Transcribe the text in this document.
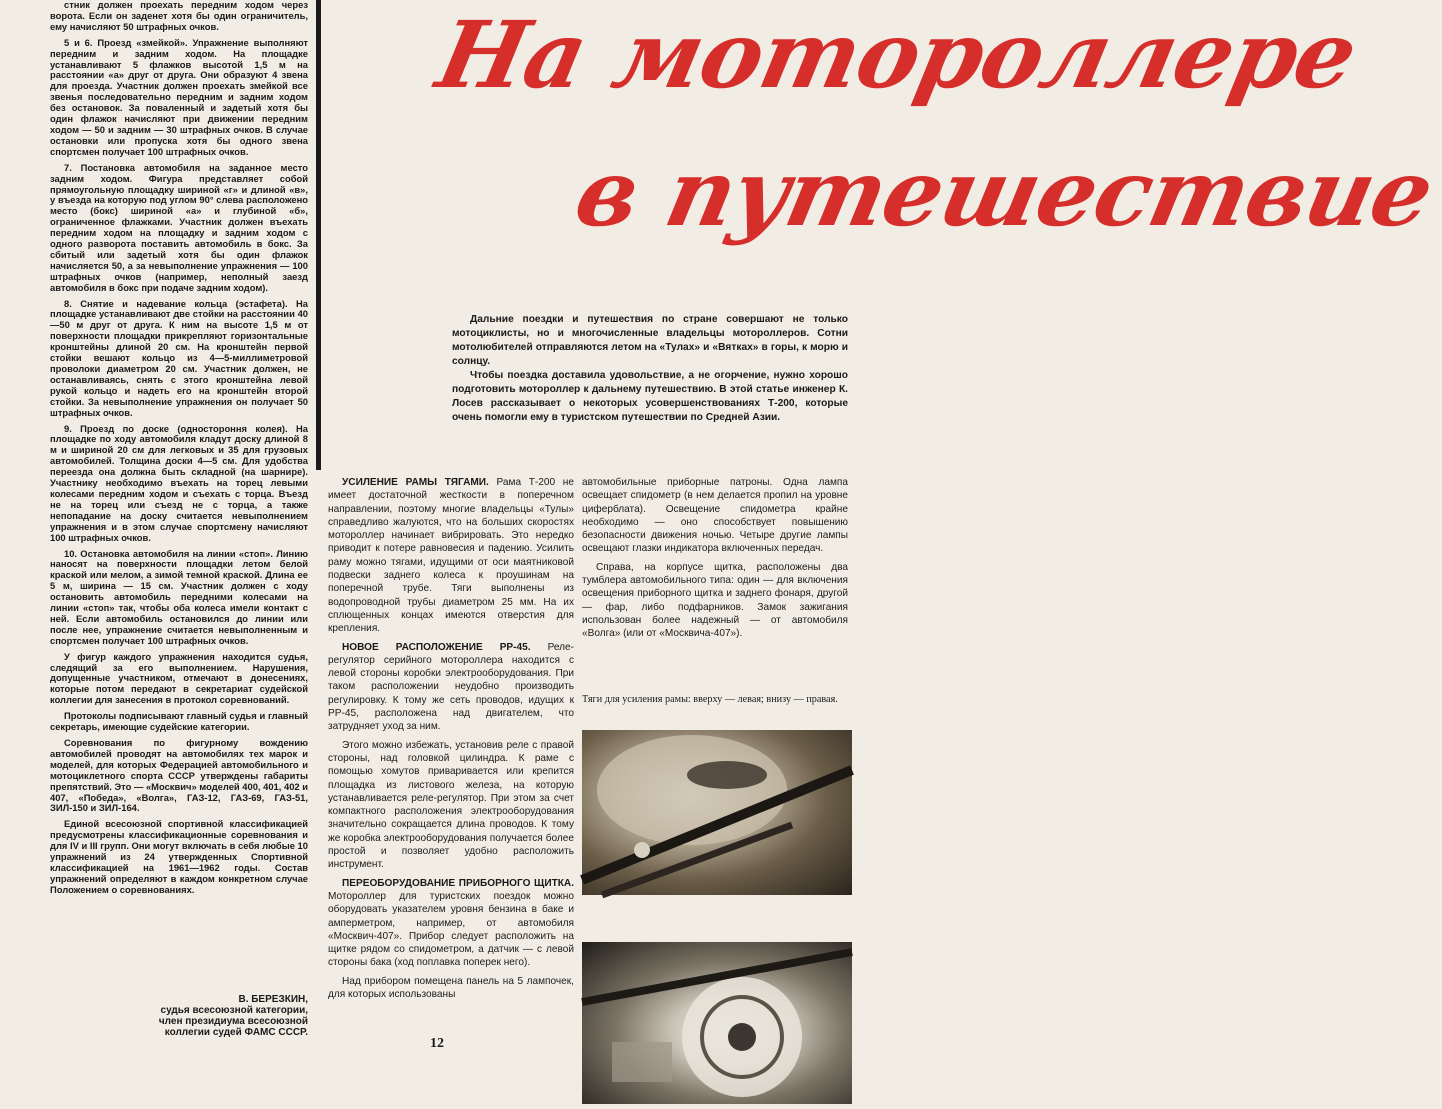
стник должен проехать передним ходом через ворота. Если он заденет хотя бы один ограничитель, ему начисляют 50 штрафных очков.

5 и 6. Проезд «змейкой». Упражнение выполняют передним и задним ходом. На площадке устанавливают 5 флажков высотой 1,5 м на расстоянии «а» друг от друга. Они образуют 4 звена для проезда. Участник должен проехать змейкой все звенья последовательно передним и задним ходом без остановок. За поваленный и задетый хотя бы один флажок начисляют при движении передним ходом — 50 и задним — 30 штрафных очков. В случае остановки или пропуска хотя бы одного звена спортсмен получает 100 штрафных очков.

7. Постановка автомобиля на заданное место задним ходом. Фигура представляет собой прямоугольную площадку шириной «г» и длиной «в», у въезда на которую под углом 90° слева расположено место (бокс) шириной «а» и глубиной «б», ограниченное флажками. Участник должен въехать передним ходом на площадку и задним ходом с одного разворота поставить автомобиль в бокс. За сбитый или задетый хотя бы один флажок начисляется 50, а за невыполнение упражнения — 100 штрафных очков (например, неполный заезд автомобиля в бокс при подаче задним ходом).

8. Снятие и надевание кольца (эстафета). На площадке устанавливают две стойки на расстоянии 40—50 м друг от друга. К ним на высоте 1,5 м от поверхности площадки прикрепляют горизонтальные кронштейны длиной 20 см. На кронштейн первой стойки вешают кольцо из 4—5-миллиметровой проволоки диаметром 20 см. Участник должен, не останавливаясь, снять с этого кронштейна левой рукой кольцо и надеть его на кронштейн второй стойки. За невыполнение упражнения он получает 50 штрафных очков.

9. Проезд по доске (одностороння колея). На площадке по ходу автомобиля кладут доску длиной 8 м и шириной 20 см для легковых и 35 для грузовых автомобилей. Толщина доски 4—5 см. Для удобства переезда она должна быть складной (на шарнире). Участнику необходимо въехать на торец левыми колесами передним ходом и съехать с торца. Въезд не на торец или съезд не с торца, а также непопадание на доску считается невыполнением упражнения и в этом случае спортсмену начисляют 100 штрафных очков.

10. Остановка автомобиля на линии «стоп». Линию наносят на поверхности площадки летом белой краской или мелом, а зимой темной краской. Длина ее 5 м, ширина — 15 см. Участник должен с ходу остановить автомобиль передними колесами на линии «стоп» так, чтобы оба колеса имели контакт с ней. Если автомобиль остановился до линии или после нее, упражнение считается невыполненным и спортсмен получает 100 штрафных очков.

У фигур каждого упражнения находится судья, следящий за его выполнением. Нарушения, допущенные участником, отмечают в донесениях, которые потом передают в секретариат судейской коллегии для занесения в протокол соревнований.

Протоколы подписывают главный судья и главный секретарь, имеющие судейские категории.

Соревнования по фигурному вождению автомобилей проводят на автомобилях тех марок и моделей, для которых Федерацией автомобильного и мотоциклетного спорта СССР утверждены габариты препятствий. Это — «Москвич» моделей 400, 401, 402 и 407, «Победа», «Волга», ГАЗ-12, ГАЗ-69, ГАЗ-51, ЗИЛ-150 и ЗИЛ-164.

Единой всесоюзной спортивной классификацией предусмотрены классификационные соревнования и для IV и III групп. Они могут включать в себя любые 10 упражнений из 24 утвержденных Спортивной классификацией на 1961—1962 годы. Состав упражнений определяют в каждом конкретном случае Положением о соревнованиях.

В. БЕРЕЗКИН,
судья всесоюзной категории,
член президиума всесоюзной
коллегии судей ФАМС СССР.
На мотороллере
в путешествие

Дальние поездки и путешествия по стране совершают не только мотоциклисты, но и многочисленные владельцы мотороллеров. Сотни мотолюбителей отправляются летом на «Тулах» и «Вятках» в горы, к морю и солнцу.

Чтобы поездка доставила удовольствие, а не огорчение, нужно хорошо подготовить мотороллер к дальнему путешествию. В этой статье инженер К. Лосев рассказывает о некоторых усовершенствованиях Т-200, которые очень помогли ему в туристском путешествии по Средней Азии.

УСИЛЕНИЕ РАМЫ ТЯГАМИ. Рама Т-200 не имеет достаточной жесткости в поперечном направлении, поэтому многие владельцы «Тулы» справедливо жалуются, что на больших скоростях мотороллер начинает вибрировать. Это нередко приводит к потере равновесия и падению. Усилить раму можно тягами, идущими от оси маятниковой подвески заднего колеса к проушинам на поперечной трубе. Тяги выполнены из водопроводной трубы диаметром 25 мм. На их сплющенных концах имеются отверстия для крепления.

НОВОЕ РАСПОЛОЖЕНИЕ РР-45. Реле-регулятор серийного мотороллера находится с левой стороны коробки электрооборудования. При таком расположении неудобно производить регулировку. К тому же сеть проводов, идущих к РР-45, расположена над двигателем, что затрудняет уход за ним.

Этого можно избежать, установив реле с правой стороны, над головкой цилиндра. К раме с помощью хомутов приваривается или крепится площадка из листового железа, на которую устанавливается реле-регулятор. При этом за счет компактного расположения электрооборудования значительно сокращается длина проводов. К тому же коробка электрооборудования получается более простой и позволяет удобно расположить инструмент.

ПЕРЕОБОРУДОВАНИЕ ПРИБОРНОГО ЩИТКА. Мотороллер для туристских поездок можно оборудовать указателем уровня бензина в баке и амперметром, например, от автомобиля «Москвич-407». Прибор следует расположить на щитке рядом со спидометром, а датчик — с левой стороны бака (ход поплавка поперек него).

Над прибором помещена панель на 5 лампочек, для которых использованы

автомобильные приборные патроны. Одна лампа освещает спидометр (в нем делается пропил на уровне циферблата). Освещение спидометра крайне необходимо — оно способствует повышению безопасности движения ночью. Четыре другие лампы освещают глазки индикатора включенных передач.

Справа, на корпусе щитка, расположены два тумблера автомобильного типа: один — для включения освещения приборного щитка и заднего фонаря, другой — фар, либо подфарников. Замок зажигания использован более надежный — от автомобиля «Волга» (или от «Москвича-407»).

Тяги для усиления рамы: вверху — левая; внизу — правая.
12
